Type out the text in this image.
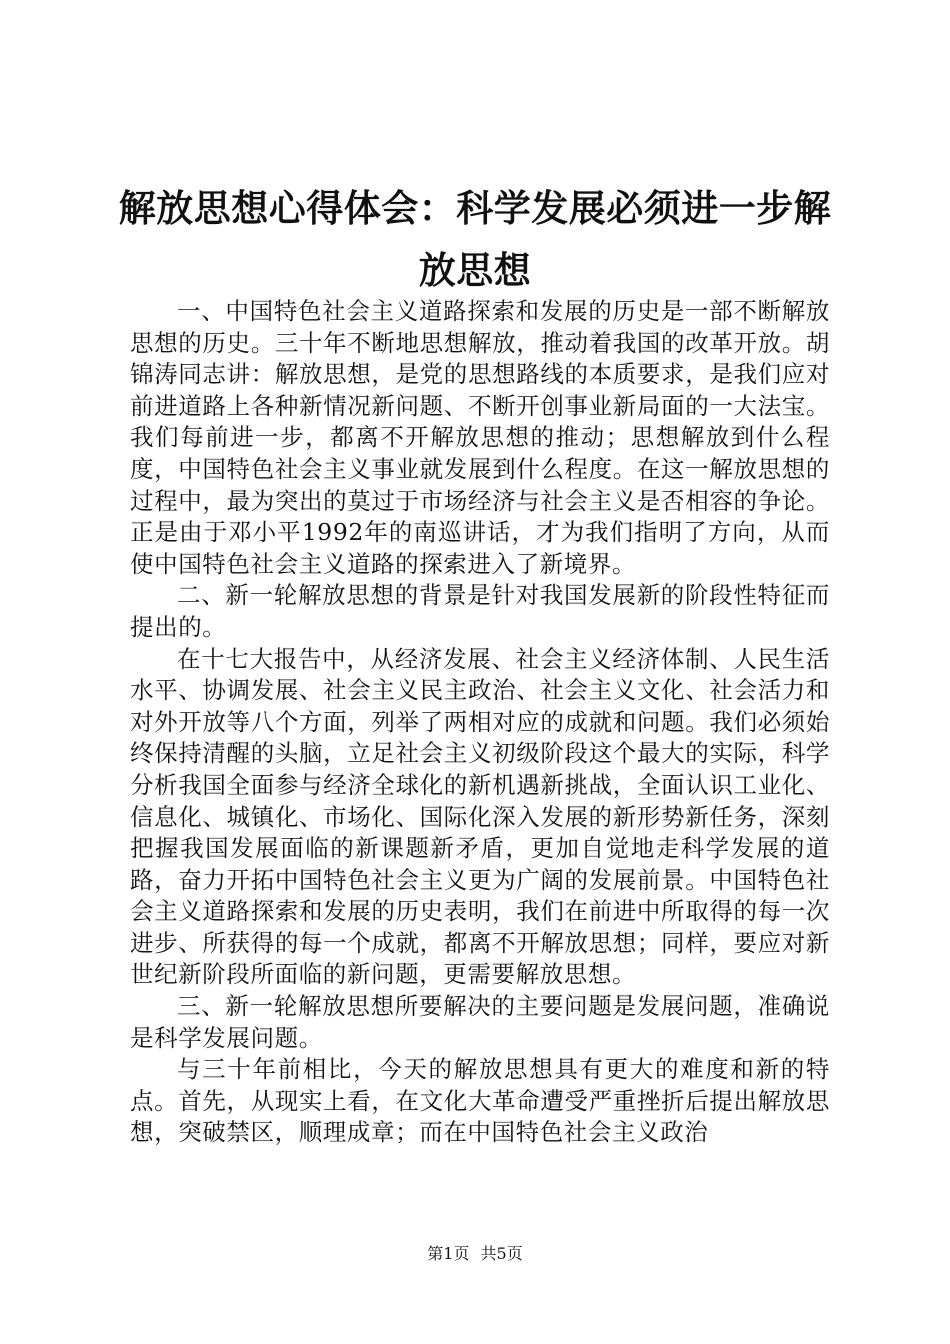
解放思想心得体会：科学发展必须进一步解放思想

一、中国特色社会主义道路探索和发展的历史是一部不断解放思想的历史。三十年不断地思想解放，推动着我国的改革开放。胡锦涛同志讲：解放思想，是党的思想路线的本质要求，是我们应对前进道路上各种新情况新问题、不断开创事业新局面的一大法宝。我们每前进一步，都离不开解放思想的推动；思想解放到什么程度，中国特色社会主义事业就发展到什么程度。在这一解放思想的过程中，最为突出的莫过于市场经济与社会主义是否相容的争论。正是由于邓小平1992年的南巡讲话，才为我们指明了方向，从而使中国特色社会主义道路的探索进入了新境界。

二、新一轮解放思想的背景是针对我国发展新的阶段性特征而提出的。

在十七大报告中，从经济发展、社会主义经济体制、人民生活水平、协调发展、社会主义民主政治、社会主义文化、社会活力和对外开放等八个方面，列举了两相对应的成就和问题。我们必须始终保持清醒的头脑，立足社会主义初级阶段这个最大的实际，科学分析我国全面参与经济全球化的新机遇新挑战，全面认识工业化、信息化、城镇化、市场化、国际化深入发展的新形势新任务，深刻把握我国发展面临的新课题新矛盾，更加自觉地走科学发展的道路，奋力开拓中国特色社会主义更为广阔的发展前景。中国特色社会主义道路探索和发展的历史表明，我们在前进中所取得的每一次进步、所获得的每一个成就，都离不开解放思想；同样，要应对新世纪新阶段所面临的新问题，更需要解放思想。

三、新一轮解放思想所要解决的主要问题是发展问题，准确说是科学发展问题。

与三十年前相比，今天的解放思想具有更大的难度和新的特点。首先，从现实上看，在文化大革命遭受严重挫折后提出解放思想，突破禁区，顺理成章；而在中国特色社会主义政治

第1页 共5页
